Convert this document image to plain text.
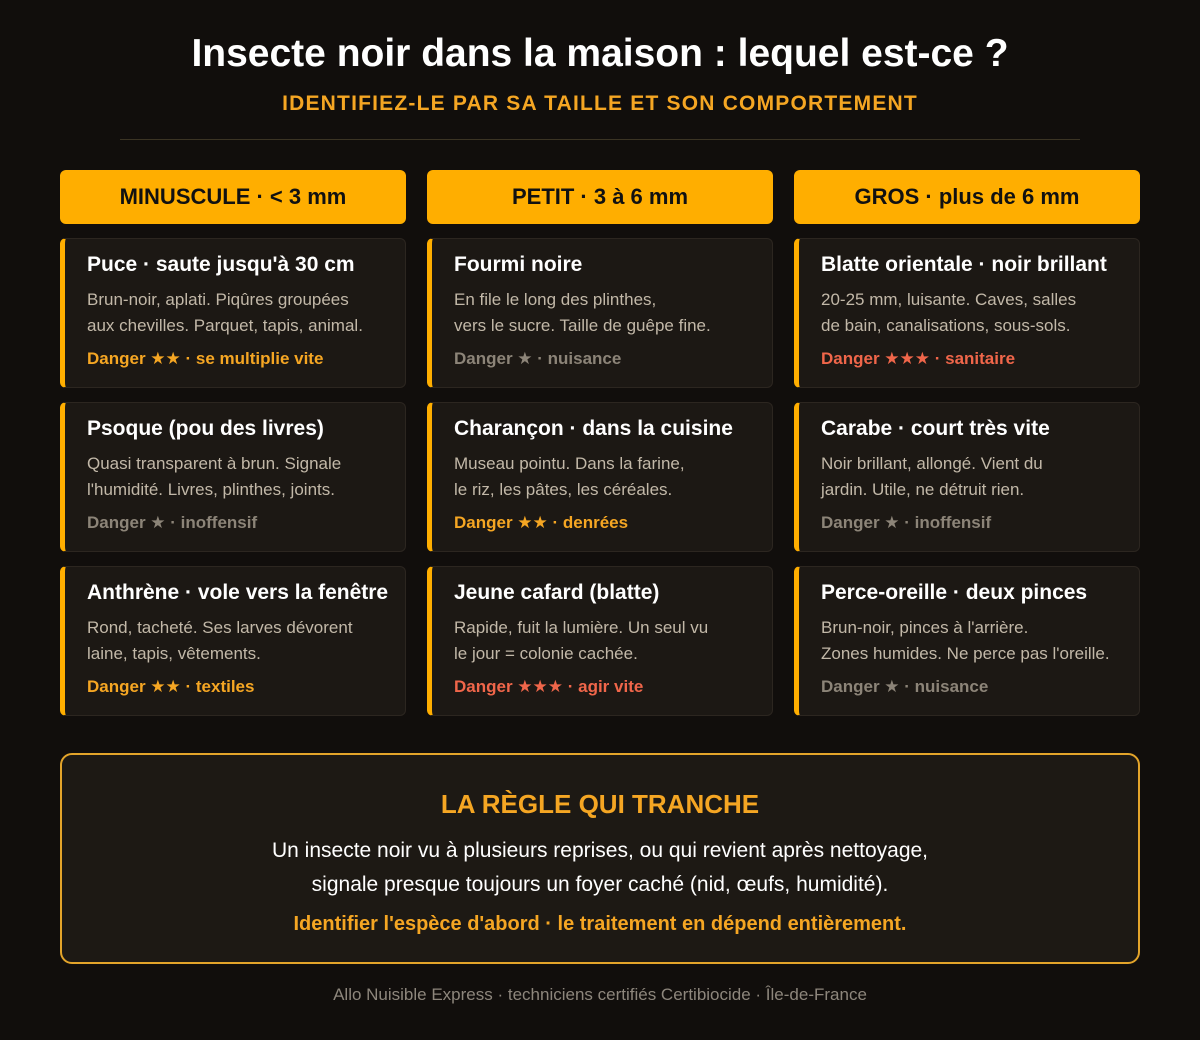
Insecte noir dans la maison : lequel est-ce ?
IDENTIFIEZ-LE PAR SA TAILLE ET SON COMPORTEMENT
MINUSCULE · < 3 mm
Puce · saute jusqu'à 30 cm
Brun-noir, aplati. Piqûres groupées
aux chevilles. Parquet, tapis, animal.
Danger ★★ · se multiplie vite
Psoque (pou des livres)
Quasi transparent à brun. Signale
l'humidité. Livres, plinthes, joints.
Danger ★ · inoffensif
Anthrène · vole vers la fenêtre
Rond, tacheté. Ses larves dévorent
laine, tapis, vêtements.
Danger ★★ · textiles
PETIT · 3 à 6 mm
Fourmi noire
En file le long des plinthes,
vers le sucre. Taille de guêpe fine.
Danger ★ · nuisance
Charançon · dans la cuisine
Museau pointu. Dans la farine,
le riz, les pâtes, les céréales.
Danger ★★ · denrées
Jeune cafard (blatte)
Rapide, fuit la lumière. Un seul vu
le jour = colonie cachée.
Danger ★★★ · agir vite
GROS · plus de 6 mm
Blatte orientale · noir brillant
20-25 mm, luisante. Caves, salles
de bain, canalisations, sous-sols.
Danger ★★★ · sanitaire
Carabe · court très vite
Noir brillant, allongé. Vient du
jardin. Utile, ne détruit rien.
Danger ★ · inoffensif
Perce-oreille · deux pinces
Brun-noir, pinces à l'arrière.
Zones humides. Ne perce pas l'oreille.
Danger ★ · nuisance
LA RÈGLE QUI TRANCHE
Un insecte noir vu à plusieurs reprises, ou qui revient après nettoyage,
signale presque toujours un foyer caché (nid, œufs, humidité).
Identifier l'espèce d'abord · le traitement en dépend entièrement.
Allo Nuisible Express · techniciens certifiés Certibiocide · Île-de-France
